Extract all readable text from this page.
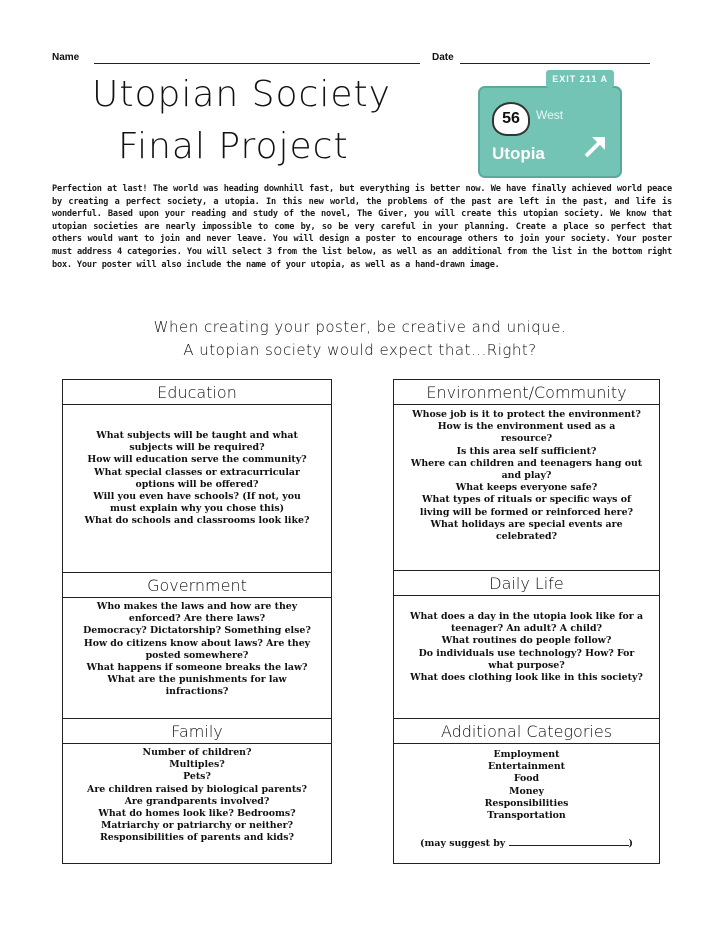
Name	Date
Utopian Society
Final Project
EXIT 211 A
56	West
Utopia
Perfection at last! The world was heading downhill fast, but everything is better now. We have finally achieved world peace by creating a perfect society, a utopia. In this new world, the problems of the past are left in the past, and life is wonderful. Based upon your reading and study of the novel, The Giver, you will create this utopian society. We know that utopian societies are nearly impossible to come by, so be very careful in your planning. Create a place so perfect that others would want to join and never leave. You will design a poster to encourage others to join your society. Your poster must address 4 categories. You will select 3 from the list below, as well as an additional from the list in the bottom right box. Your poster will also include the name of your utopia, as well as a hand-drawn image.
When creating your poster, be creative and unique.
A utopian society would expect that...Right?
Education
What subjects will be taught and what
subjects will be required?
How will education serve the community?
What special classes or extracurricular
options will be offered?
Will you even have schools? (If not, you
must explain why you chose this)
What do schools and classrooms look like?
Government
Who makes the laws and how are they
enforced? Are there laws?
Democracy? Dictatorship? Something else?
How do citizens know about laws? Are they
posted somewhere?
What happens if someone breaks the law?
What are the punishments for law
infractions?
Family
Number of children?
Multiples?
Pets?
Are children raised by biological parents?
Are grandparents involved?
What do homes look like? Bedrooms?
Matriarchy or patriarchy or neither?
Responsibilities of parents and kids?
Environment/Community
Whose job is it to protect the environment?
How is the environment used as a
resource?
Is this area self sufficient?
Where can children and teenagers hang out
and play?
What keeps everyone safe?
What types of rituals or specific ways of
living will be formed or reinforced here?
What holidays are special events are
celebrated?
Daily Life
What does a day in the utopia look like for a
teenager? An adult? A child?
What routines do people follow?
Do individuals use technology? How? For
what purpose?
What does clothing look like in this society?
Additional Categories
Employment
Entertainment
Food
Money
Responsibilities
Transportation
(may suggest by	)
